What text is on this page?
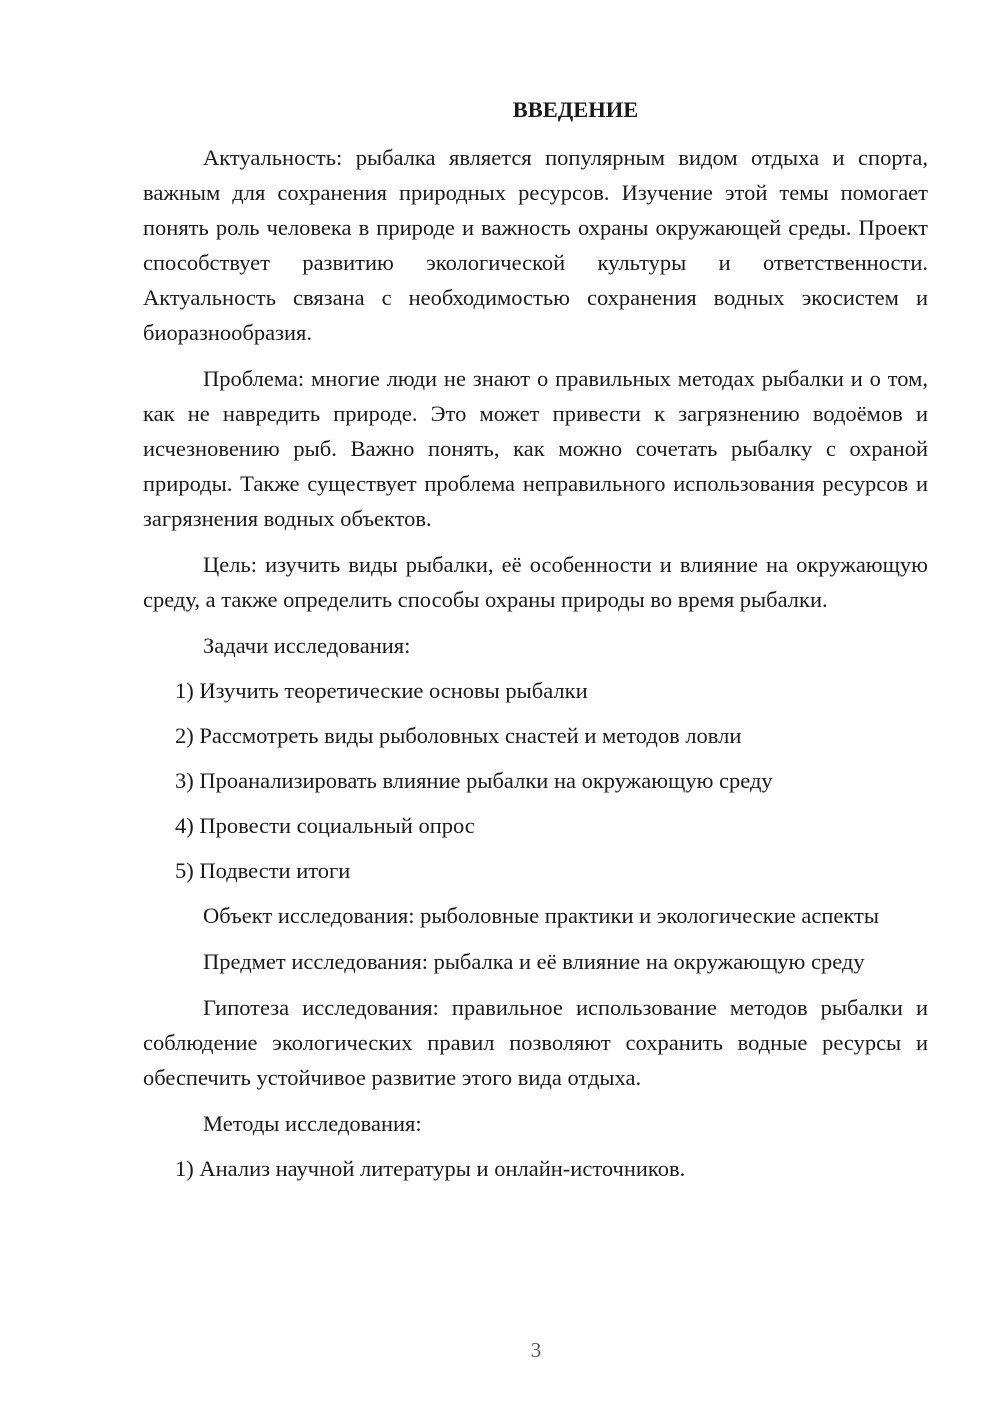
ВВЕДЕНИЕ

Актуальность: рыбалка является популярным видом отдыха и спорта, важным для сохранения природных ресурсов. Изучение этой темы помогает понять роль человека в природе и важность охраны окружающей среды. Проект способствует развитию экологической культуры и ответственности. Актуальность связана с необходимостью сохранения водных экосистем и биоразнообразия.

Проблема: многие люди не знают о правильных методах рыбалки и о том, как не навредить природе. Это может привести к загрязнению водоёмов и исчезновению рыб. Важно понять, как можно сочетать рыбалку с охраной природы. Также существует проблема неправильного использования ресурсов и загрязнения водных объектов.

Цель: изучить виды рыбалки, её особенности и влияние на окружающую среду, а также определить способы охраны природы во время рыбалки.

Задачи исследования:
1) Изучить теоретические основы рыбалки
2) Рассмотреть виды рыболовных снастей и методов ловли
3) Проанализировать влияние рыбалки на окружающую среду
4) Провести социальный опрос
5) Подвести итоги

Объект исследования: рыболовные практики и экологические аспекты

Предмет исследования: рыбалка и её влияние на окружающую среду

Гипотеза исследования: правильное использование методов рыбалки и соблюдение экологических правил позволяют сохранить водные ресурсы и обеспечить устойчивое развитие этого вида отдыха.

Методы исследования:
1) Анализ научной литературы и онлайн-источников.
3
